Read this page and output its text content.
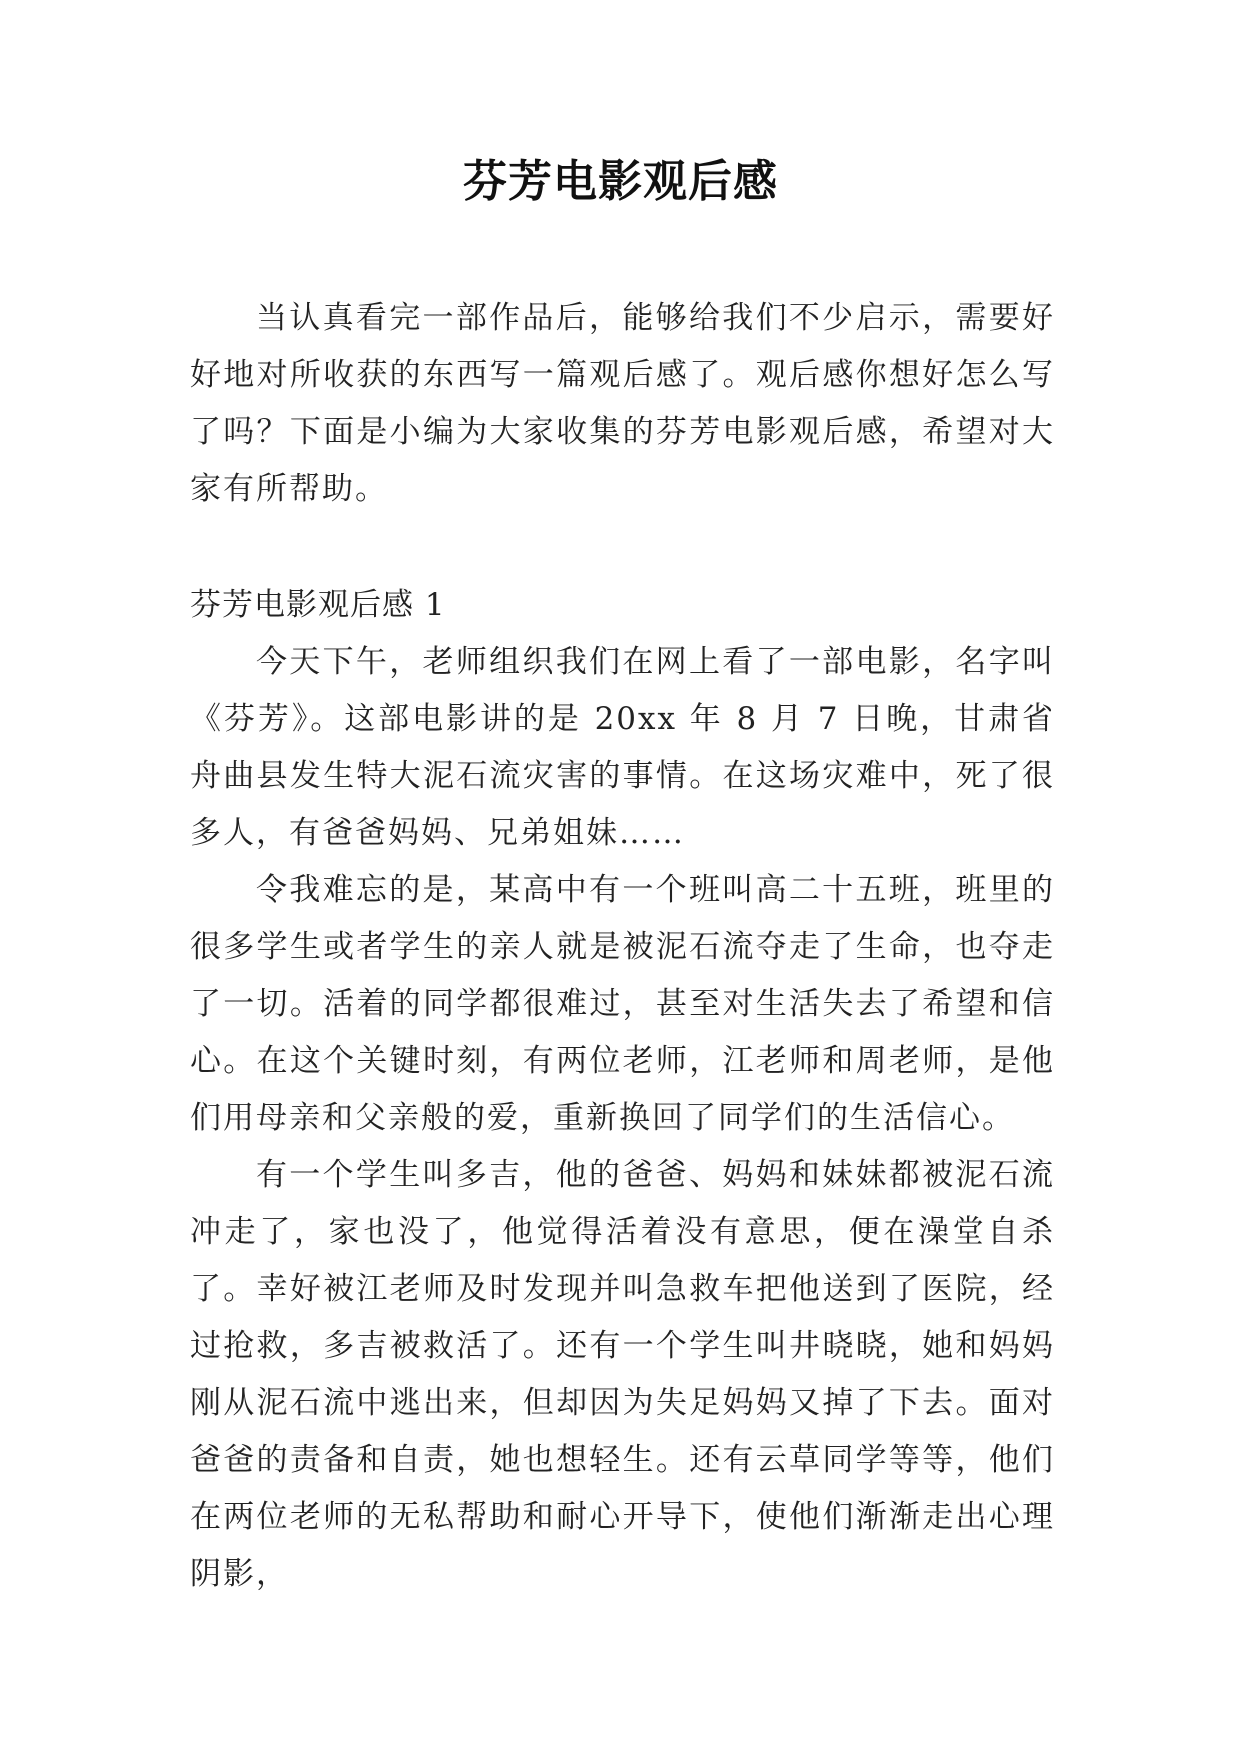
芬芳电影观后感

当认真看完一部作品后，能够给我们不少启示，需要好好地对所收获的东西写一篇观后感了。观后感你想好怎么写了吗？下面是小编为大家收集的芬芳电影观后感，希望对大家有所帮助。

芬芳电影观后感 1

今天下午，老师组织我们在网上看了一部电影，名字叫《芬芳》。这部电影讲的是 20xx 年 8 月 7 日晚，甘肃省舟曲县发生特大泥石流灾害的事情。在这场灾难中，死了很多人，有爸爸妈妈、兄弟姐妹……

令我难忘的是，某高中有一个班叫高二十五班，班里的很多学生或者学生的亲人就是被泥石流夺走了生命，也夺走了一切。活着的同学都很难过，甚至对生活失去了希望和信心。在这个关键时刻，有两位老师，江老师和周老师，是他们用母亲和父亲般的爱，重新换回了同学们的生活信心。

有一个学生叫多吉，他的爸爸、妈妈和妹妹都被泥石流冲走了，家也没了，他觉得活着没有意思，便在澡堂自杀了。幸好被江老师及时发现并叫急救车把他送到了医院，经过抢救，多吉被救活了。还有一个学生叫井晓晓，她和妈妈刚从泥石流中逃出来，但却因为失足妈妈又掉了下去。面对爸爸的责备和自责，她也想轻生。还有云草同学等等，他们在两位老师的无私帮助和耐心开导下，使他们渐渐走出心理阴影，
